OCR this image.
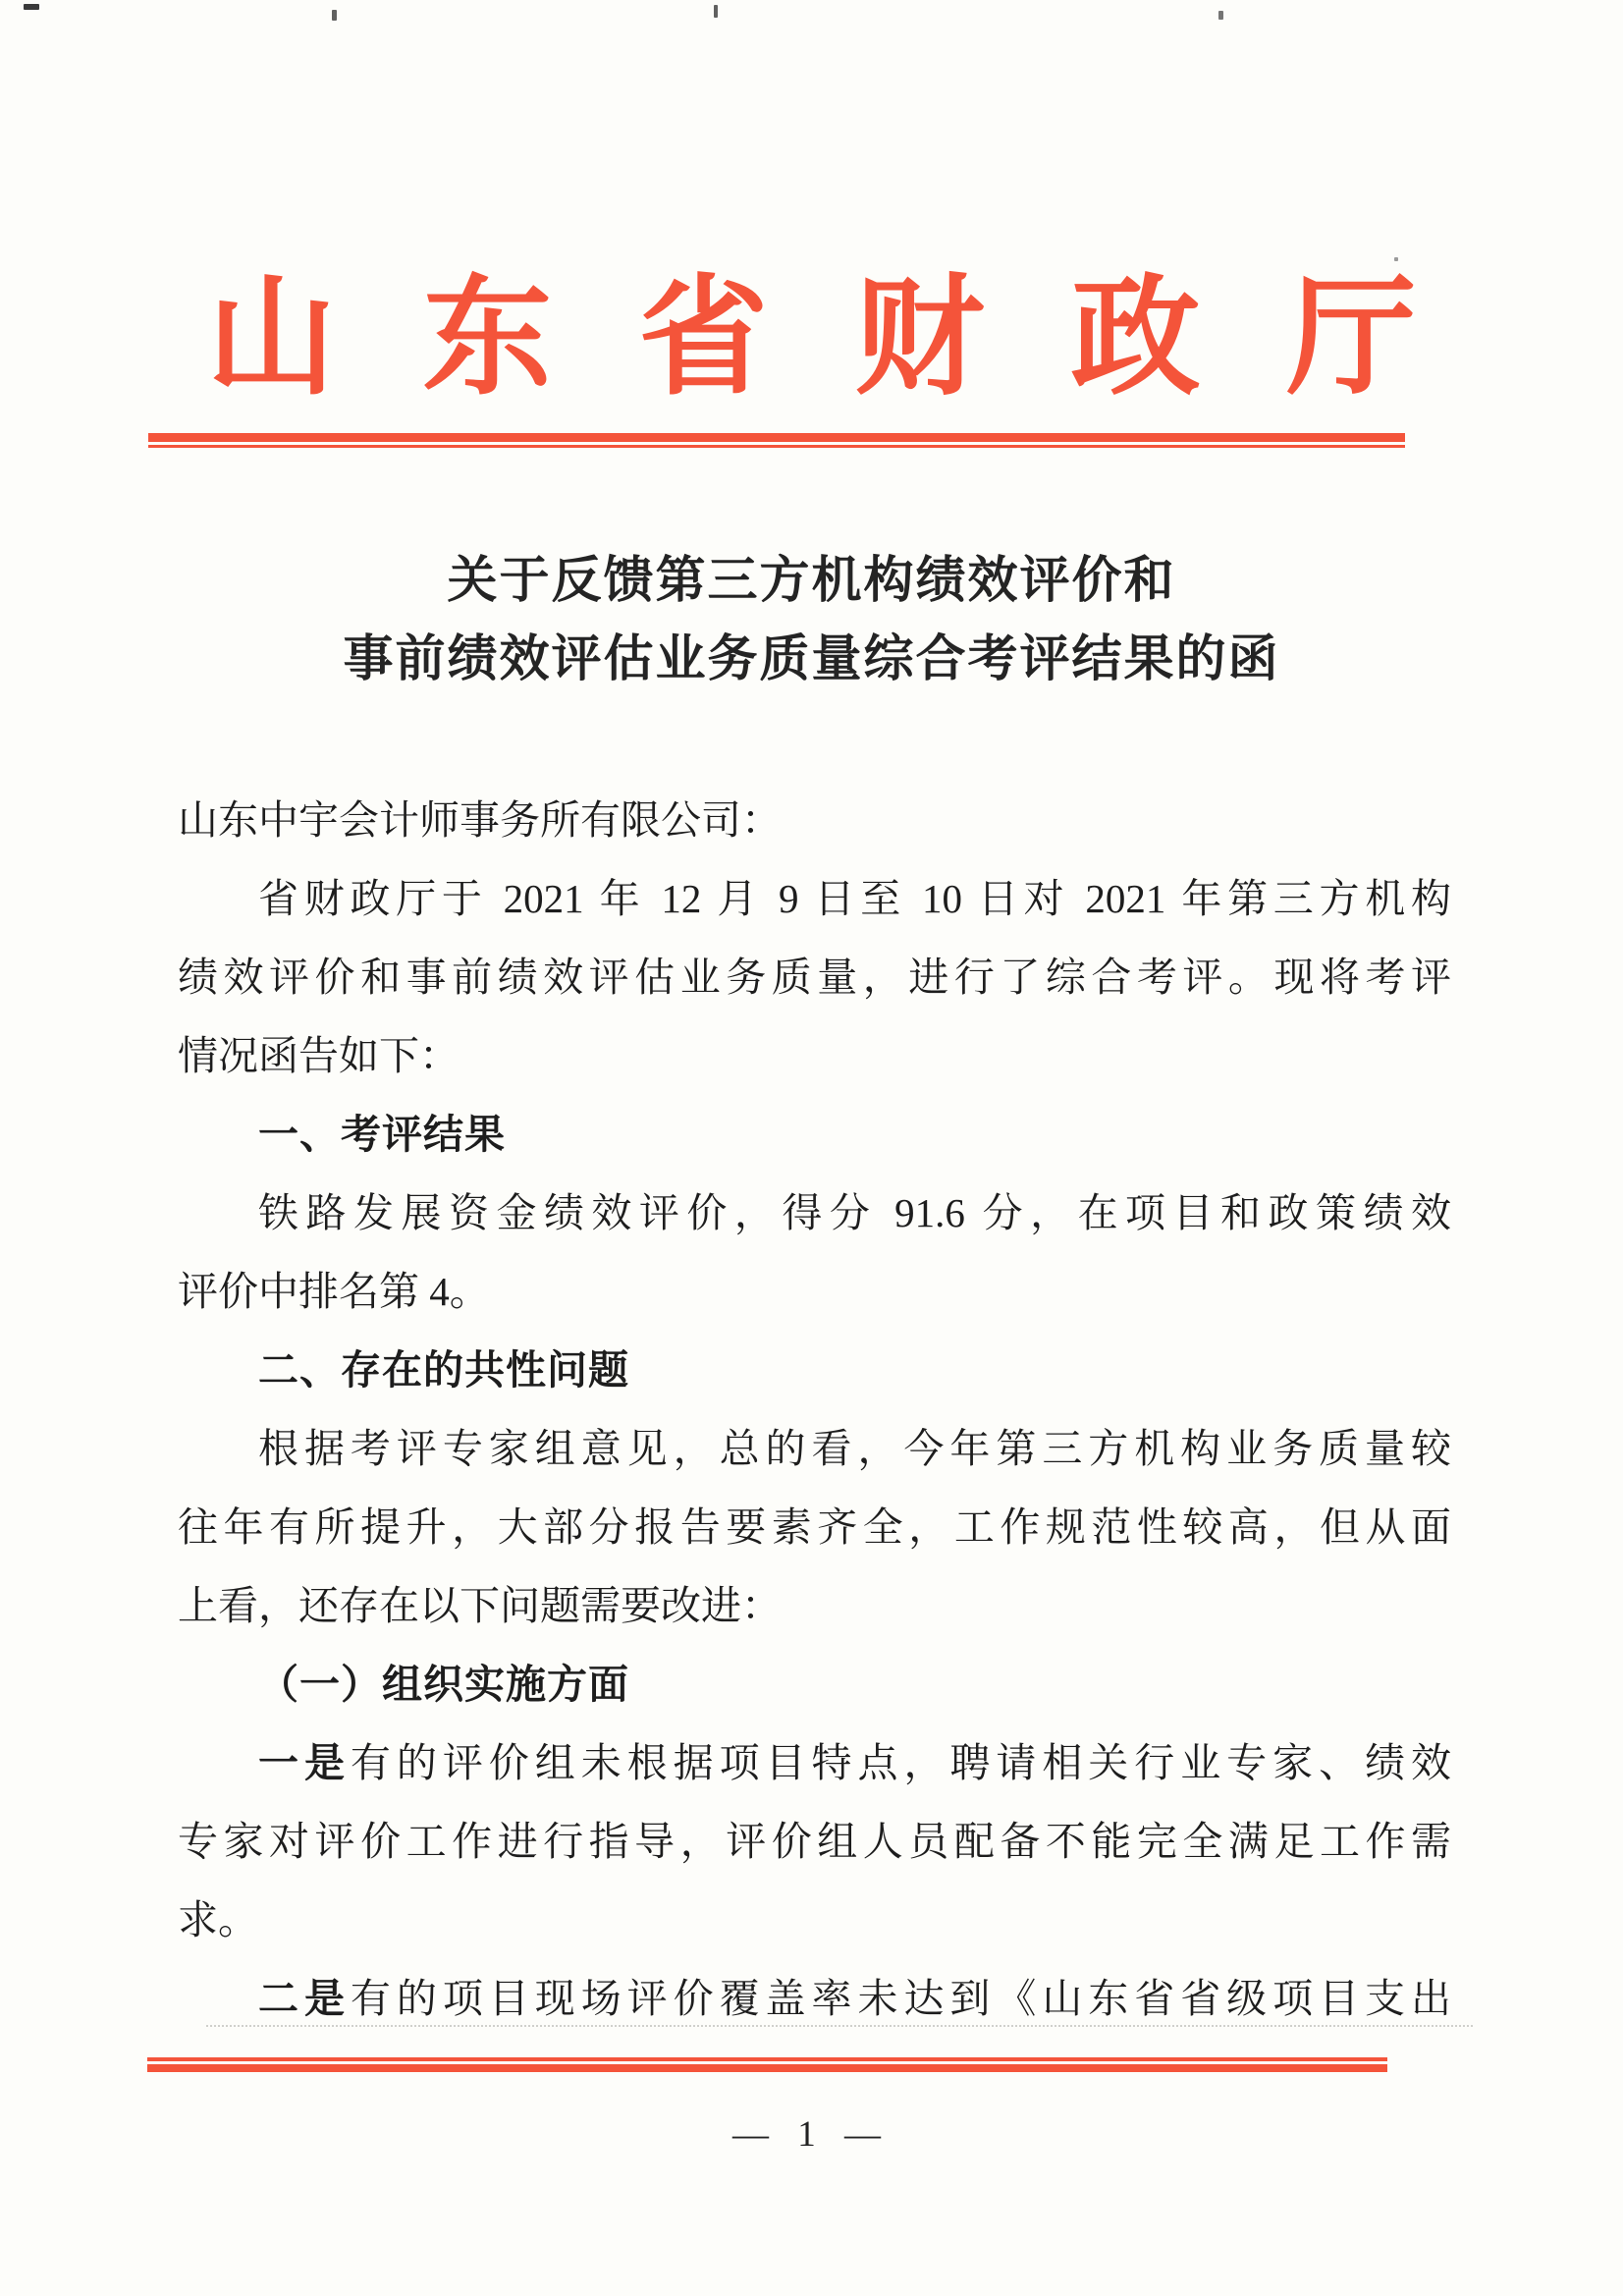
山 东 省 财 政 厅
关于反馈第三方机构绩效评价和
事前绩效评估业务质量综合考评结果的函
山东中宇会计师事务所有限公司：
省财政厅于 2021 年 12 月 9 日至 10 日对 2021 年第三方机构
绩效评价和事前绩效评估业务质量，进行了综合考评。现将考评
情况函告如下：
一、考评结果
铁路发展资金绩效评价，得分 91.6 分，在项目和政策绩效
评价中排名第 4。
二、存在的共性问题
根据考评专家组意见，总的看，今年第三方机构业务质量较
往年有所提升，大部分报告要素齐全，工作规范性较高，但从面
上看，还存在以下问题需要改进：
（一）组织实施方面
一是有的评价组未根据项目特点，聘请相关行业专家、绩效
专家对评价工作进行指导，评价组人员配备不能完全满足工作需
求。
二是有的项目现场评价覆盖率未达到《山东省省级项目支出
— 1 —
